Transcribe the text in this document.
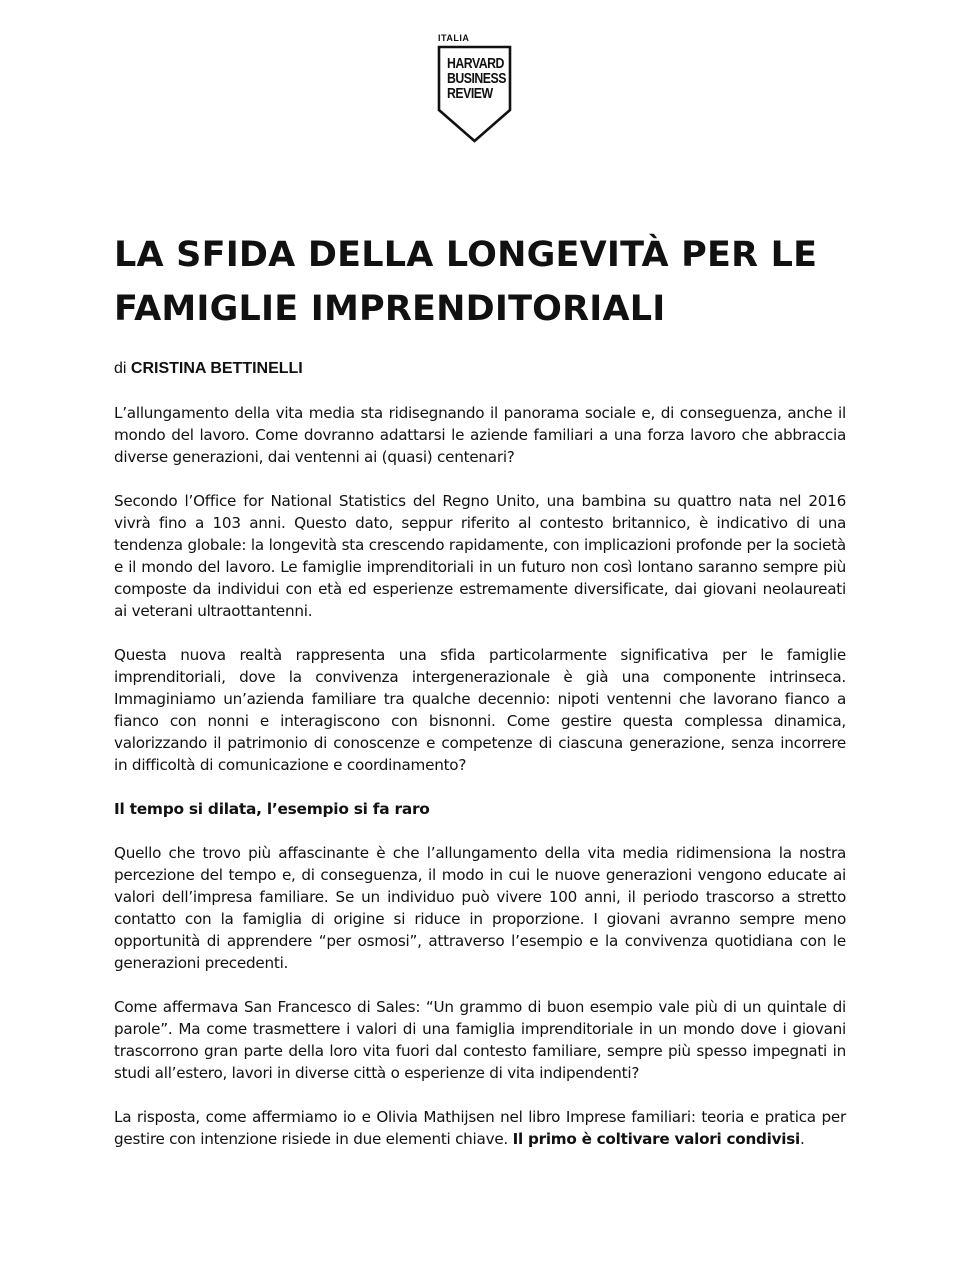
ITALIA
HARVARD
BUSINESS
REVIEW
LA SFIDA DELLA LONGEVITÀ PER LE FAMIGLIE IMPRENDITORIALI
di CRISTINA BETTINELLI

L’allungamento della vita media sta ridisegnando il panorama sociale e, di conseguenza, anche il mondo del lavoro. Come dovranno adattarsi le aziende familiari a una forza lavoro che abbraccia diverse generazioni, dai ventenni ai (quasi) centenari?

Secondo l’Office for National Statistics del Regno Unito, una bambina su quattro nata nel 2016 vivrà fino a 103 anni. Questo dato, seppur riferito al contesto britannico, è indicativo di una tendenza globale: la longevità sta crescendo rapidamente, con implicazioni profonde per la società e il mondo del lavoro. Le famiglie imprenditoriali in un futuro non così lontano saranno sempre più composte da individui con età ed esperienze estremamente diversificate, dai giovani neolaureati ai veterani ultraottantenni.

Questa nuova realtà rappresenta una sfida particolarmente significativa per le famiglie imprenditoriali, dove la convivenza intergenerazionale è già una componente intrinseca. Immaginiamo un’azienda familiare tra qualche decennio: nipoti ventenni che lavorano fianco a fianco con nonni e interagiscono con bisnonni. Come gestire questa complessa dinamica, valorizzando il patrimonio di conoscenze e competenze di ciascuna generazione, senza incorrere in difficoltà di comunicazione e coordinamento?

Il tempo si dilata, l’esempio si fa raro

Quello che trovo più affascinante è che l’allungamento della vita media ridimensiona la nostra percezione del tempo e, di conseguenza, il modo in cui le nuove generazioni vengono educate ai valori dell’impresa familiare. Se un individuo può vivere 100 anni, il periodo trascorso a stretto contatto con la famiglia di origine si riduce in proporzione. I giovani avranno sempre meno opportunità di apprendere “per osmosi”, attraverso l’esempio e la convivenza quotidiana con le generazioni precedenti.

Come affermava San Francesco di Sales: “Un grammo di buon esempio vale più di un quintale di parole”. Ma come trasmettere i valori di una famiglia imprenditoriale in un mondo dove i giovani trascorrono gran parte della loro vita fuori dal contesto familiare, sempre più spesso impegnati in studi all’estero, lavori in diverse città o esperienze di vita indipendenti?

La risposta, come affermiamo io e Olivia Mathijsen nel libro Imprese familiari: teoria e pratica per gestire con intenzione risiede in due elementi chiave. Il primo è coltivare valori condivisi.
